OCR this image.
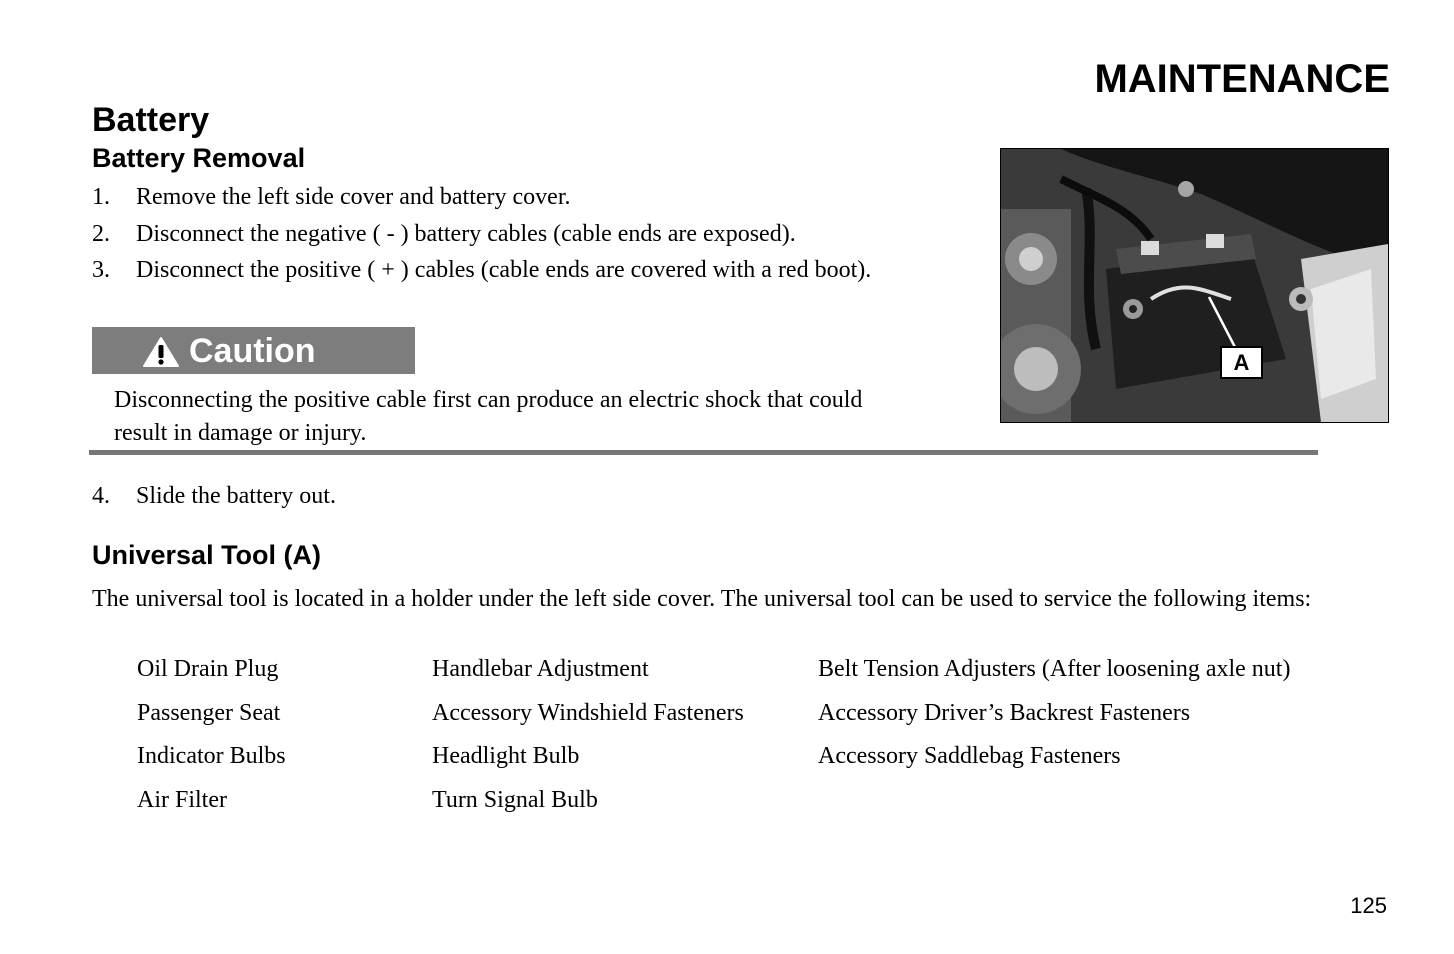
MAINTENANCE
Battery
Battery Removal
1.	Remove the left side cover and battery cover.
2.	Disconnect the negative ( - ) battery cables (cable ends are exposed).
3.	Disconnect the positive ( + ) cables (cable ends are covered with a red boot).
Caution

Disconnecting the positive cable first can produce an electric shock that could result in damage or injury.

A
4.	Slide the battery out.
Universal Tool (A)

The universal tool is located in a holder under the left side cover. The universal tool can be used to service the following items:

Oil Drain Plug	Handlebar Adjustment	Belt Tension Adjusters (After loosening axle nut)
Passenger Seat	Accessory Windshield Fasteners	Accessory Driver’s Backrest Fasteners
Indicator Bulbs	Headlight Bulb	Accessory Saddlebag Fasteners
Air Filter	Turn Signal Bulb
125
